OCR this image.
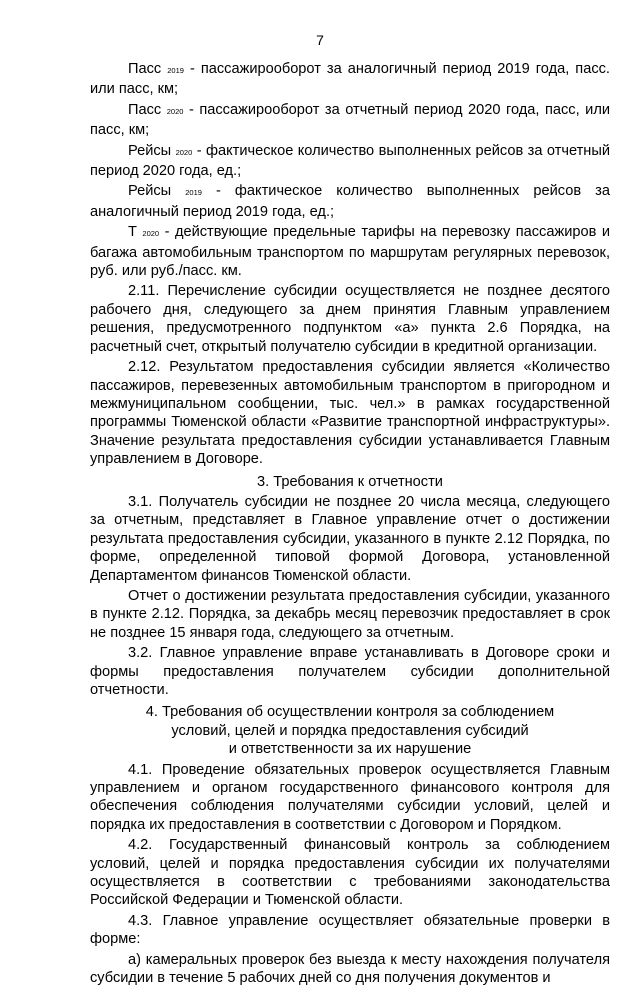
7

Пасс 2019 - пассажирооборот за аналогичный период 2019 года, пасс. или пасс, км;

Пасс 2020 - пассажирооборот за отчетный период 2020 года, пасс, или пасс, км;

Рейсы 2020 - фактическое количество выполненных рейсов за отчетный период 2020 года, ед.;

Рейсы 2019 - фактическое количество выполненных рейсов за аналогичный период 2019 года, ед.;

Т 2020 - действующие предельные тарифы на перевозку пассажиров и багажа автомобильным транспортом по маршрутам регулярных перевозок, руб. или руб./пасс. км.

2.11. Перечисление субсидии осуществляется не позднее десятого рабочего дня, следующего за днем принятия Главным управлением решения, предусмотренного подпунктом «а» пункта 2.6 Порядка, на расчетный счет, открытый получателю субсидии в кредитной организации.

2.12. Результатом предоставления субсидии является «Количество пассажиров, перевезенных автомобильным транспортом в пригородном и межмуниципальном сообщении, тыс. чел.» в рамках государственной программы Тюменской области «Развитие транспортной инфраструктуры». Значение результата предоставления субсидии устанавливается Главным управлением в Договоре.

3. Требования к отчетности

3.1. Получатель субсидии не позднее 20 числа месяца, следующего за отчетным, представляет в Главное управление отчет о достижении результата предоставления субсидии, указанного в пункте 2.12 Порядка, по форме, определенной типовой формой Договора, установленной Департаментом финансов Тюменской области.

Отчет о достижении результата предоставления субсидии, указанного в пункте 2.12. Порядка, за декабрь месяц перевозчик предоставляет в срок не позднее 15 января года, следующего за отчетным.

3.2. Главное управление вправе устанавливать в Договоре сроки и формы предоставления получателем субсидии дополнительной отчетности.

4. Требования об осуществлении контроля за соблюдением
условий, целей и порядка предоставления субсидий
и ответственности за их нарушение

4.1. Проведение обязательных проверок осуществляется Главным управлением и органом государственного финансового контроля для обеспечения соблюдения получателями субсидии условий, целей и порядка их предоставления в соответствии с Договором и Порядком.

4.2. Государственный финансовый контроль за соблюдением условий, целей и порядка предоставления субсидии их получателями осуществляется в соответствии с требованиями законодательства Российской Федерации и Тюменской области.

4.3. Главное управление осуществляет обязательные проверки в форме:

а) камеральных проверок без выезда к месту нахождения получателя субсидии в течение 5 рабочих дней со дня получения документов и
